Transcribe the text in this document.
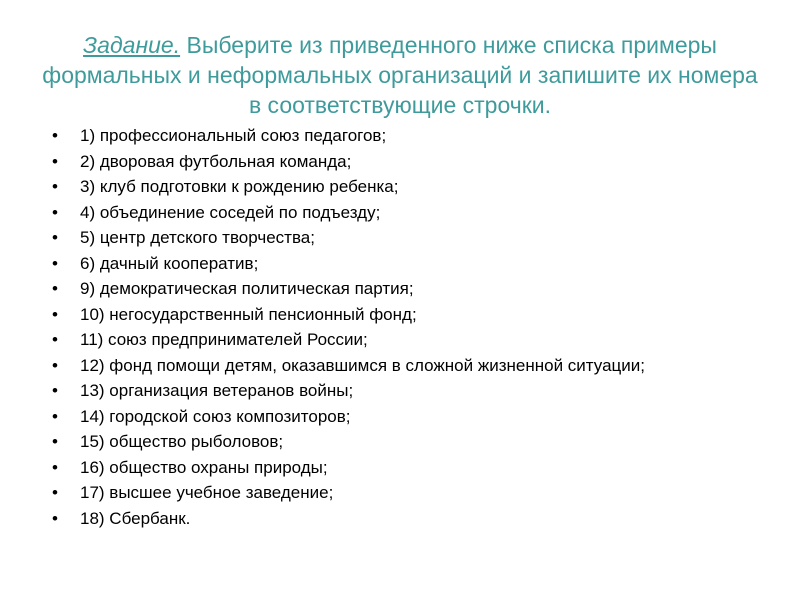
Задание. Выберите из приведенного ниже списка примеры формальных и неформальных организаций и запишите их номера в соответствующие строчки.
• 1) профессиональный союз педагогов;
• 2) дворовая футбольная команда;
• 3) клуб подготовки к рождению ребенка;
• 4) объединение соседей по подъезду;
• 5) центр детского творчества;
• 6) дачный кооператив;
• 9) демократическая политическая партия;
• 10) негосударственный пенсионный фонд;
• 11) союз предпринимателей России;
• 12) фонд помощи детям, оказавшимся в сложной жизненной ситуации;
• 13) организация ветеранов войны;
• 14) городской союз композиторов;
• 15) общество рыболовов;
• 16) общество охраны природы;
• 17) высшее учебное заведение;
• 18) Сбербанк.
